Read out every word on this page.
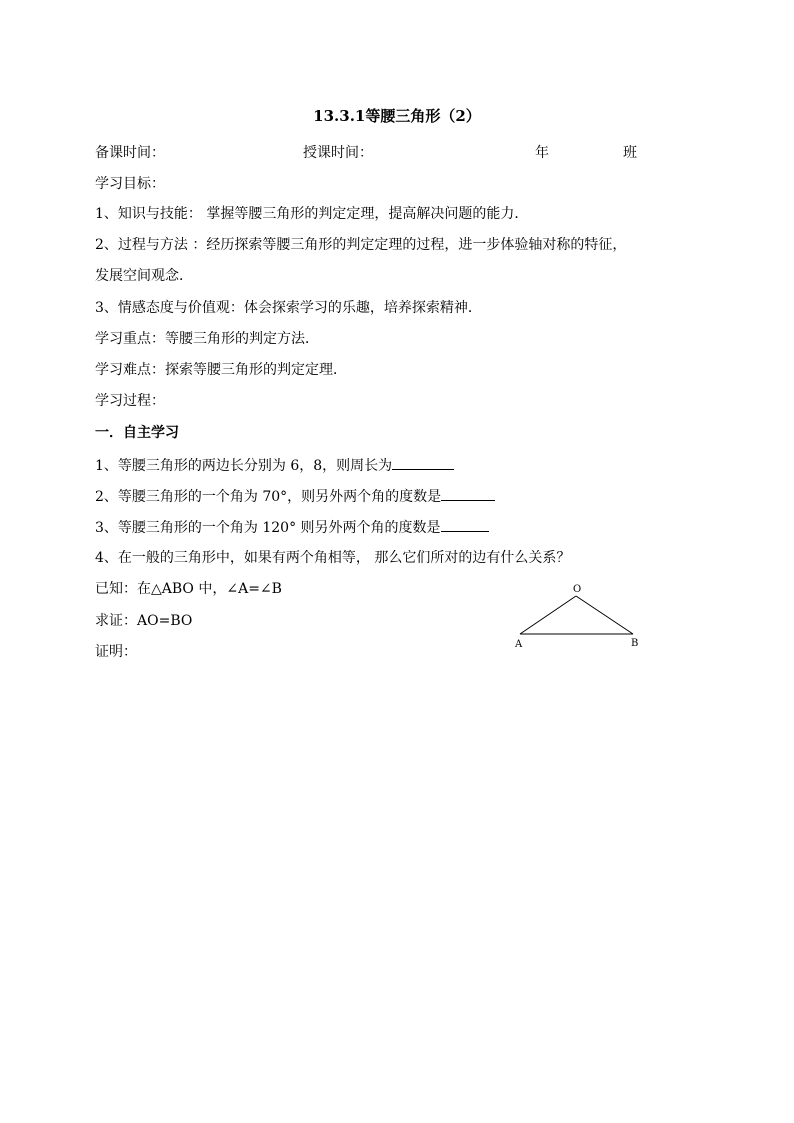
13.3.1等腰三角形（2）
备课时间：	授课时间：	年	班
学习目标：
1、知识与技能： 掌握等腰三角形的判定定理，提高解决问题的能力．
2、过程与方法 ：经历探索等腰三角形的判定定理的过程，进一步体验轴对称的特征，
发展空间观念．
3、情感态度与价值观：体会探索学习的乐趣，培养探索精神．
学习重点：等腰三角形的判定方法．
学习难点：探索等腰三角形的判定定理．
学习过程：
一．自主学习
1、等腰三角形的两边长分别为 6，8，则周长为
2、等腰三角形的一个角为 70°，则另外两个角的度数是
3、等腰三角形的一个角为 120° 则另外两个角的度数是
4、在一般的三角形中，如果有两个角相等， 那么它们所对的边有什么关系？
已知：在△ABO 中，∠A=∠B
求证：AO=BO
证明：
O
A	B
